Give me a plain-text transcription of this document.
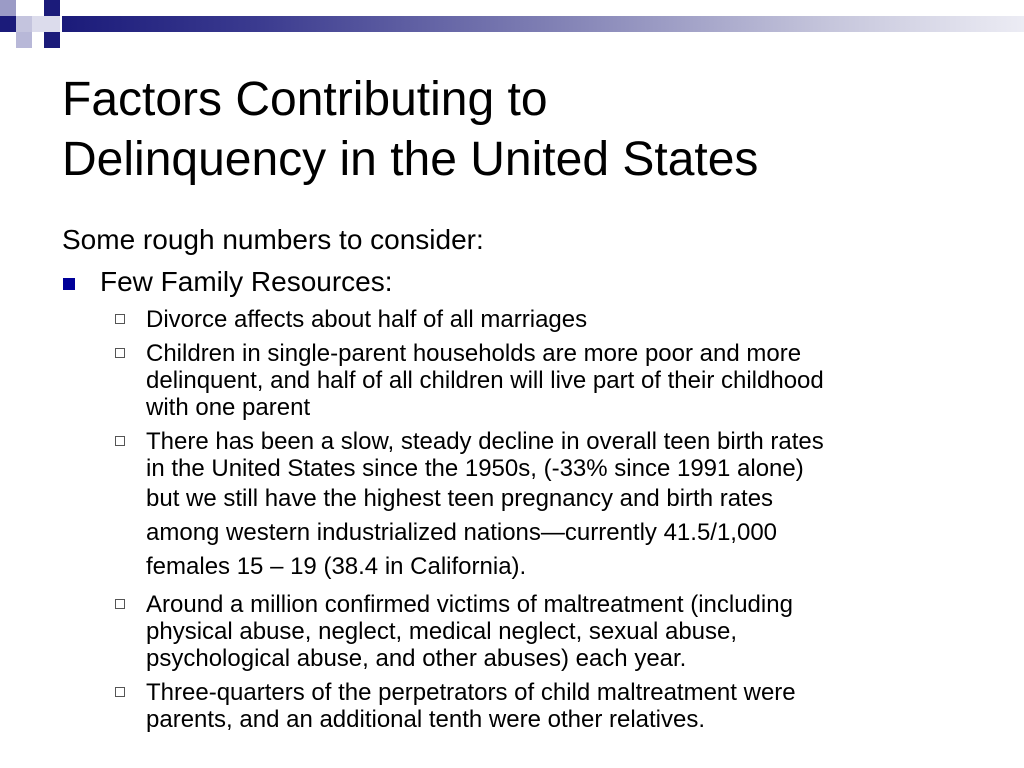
Factors Contributing to
Delinquency in the United States
Some rough numbers to consider:
Few Family Resources:
Divorce affects about half of all marriages
Children in single-parent households are more poor and more
delinquent, and half of all children will live part of their childhood
with one parent
There has been a slow, steady decline in overall teen birth rates
in the United States since the 1950s, (-33% since 1991 alone)
but we still have the highest teen pregnancy and birth rates
among western industrialized nations—currently 41.5/1,000
females 15 – 19 (38.4 in California).
Around a million confirmed victims of maltreatment (including
physical abuse, neglect, medical neglect, sexual abuse,
psychological abuse, and other abuses) each year.
Three-quarters of the perpetrators of child maltreatment were
parents, and an additional tenth were other relatives.
